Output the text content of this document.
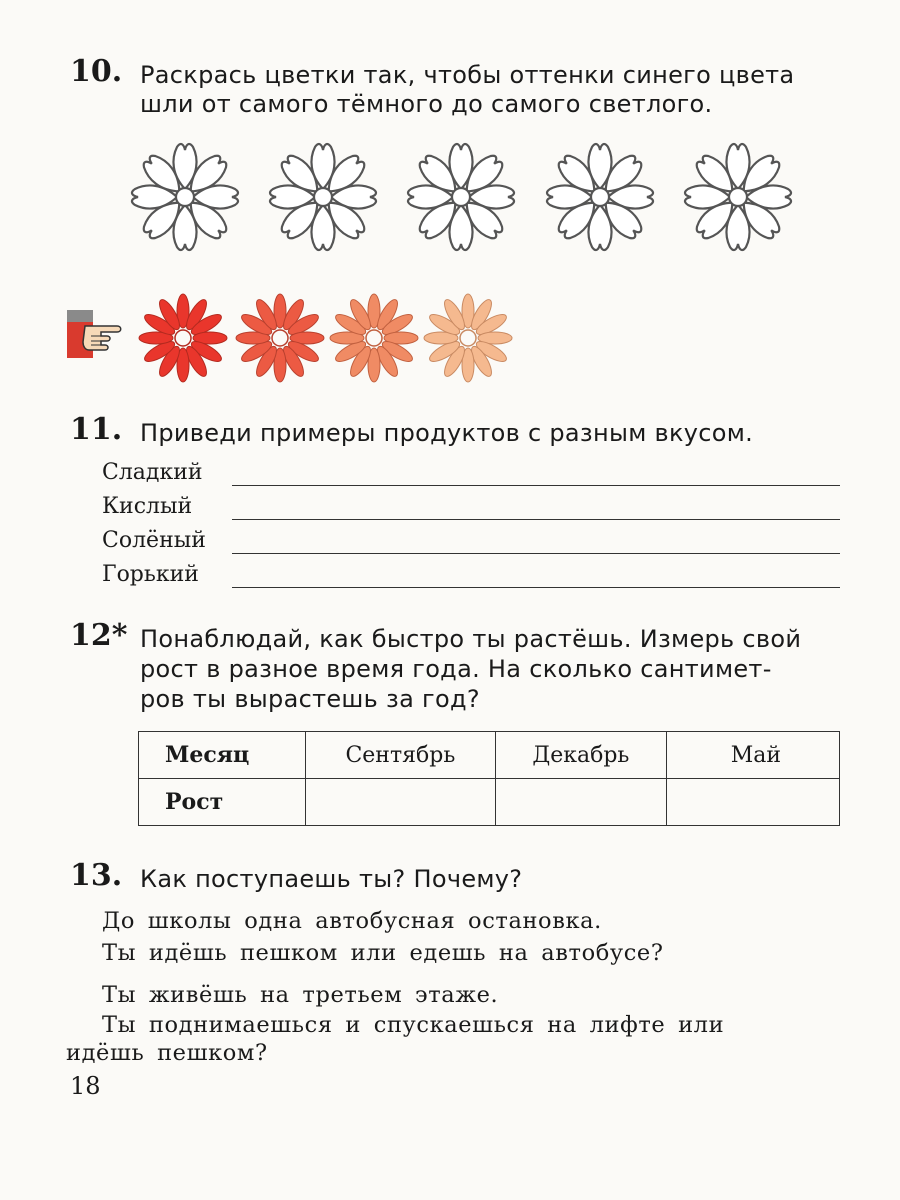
10. Раскрась цветки так, чтобы оттенки синего цвета
шли от самого тёмного до самого светлого.
11. Приведи примеры продуктов с разным вкусом.
Сладкий
Кислый
Солёный
Горький
12* Понаблюдай, как быстро ты растёшь. Измерь свой
рост в разное время года. На сколько сантимет-
ров ты вырастешь за год?
Месяц	Сентябрь	Декабрь	Май
Рост			
13. Как поступаешь ты? Почему?
До школы одна автобусная остановка.
Ты идёшь пешком или едешь на автобусе?
Ты живёшь на третьем этаже.
Ты поднимаешься и спускаешься на лифте или
идёшь пешком?
18
